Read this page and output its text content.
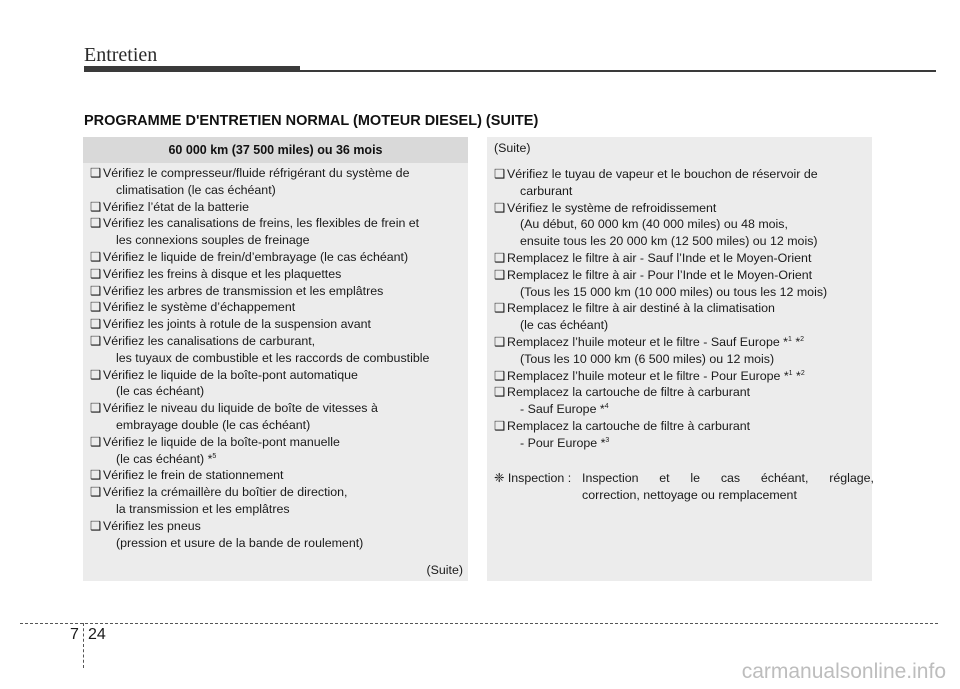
Entretien
PROGRAMME D'ENTRETIEN NORMAL (MOTEUR DIESEL) (SUITE)
60 000 km (37 500 miles) ou 36 mois
❑ Vérifiez le compresseur/fluide réfrigérant du système de
climatisation (le cas échéant)
❑ Vérifiez l’état de la batterie
❑ Vérifiez les canalisations de freins, les flexibles de frein et
les connexions souples de freinage
❑ Vérifiez le liquide de frein/d’embrayage (le cas échéant)
❑ Vérifiez les freins à disque et les plaquettes
❑ Vérifiez les arbres de transmission et les emplâtres
❑ Vérifiez le système d’échappement
❑ Vérifiez les joints à rotule de la suspension avant
❑ Vérifiez les canalisations de carburant,
les tuyaux de combustible et les raccords de combustible
❑ Vérifiez le liquide de la boîte-pont automatique
(le cas échéant)
❑ Vérifiez le niveau du liquide de boîte de vitesses à
embrayage double (le cas échéant)
❑ Vérifiez le liquide de la boîte-pont manuelle
(le cas échéant) *$^5$
❑ Vérifiez le frein de stationnement
❑ Vérifiez la crémaillère du boîtier de direction,
la transmission et les emplâtres
❑ Vérifiez les pneus
(pression et usure de la bande de roulement)
(Suite)
(Suite)
❑ Vérifiez le tuyau de vapeur et le bouchon de réservoir de
carburant
❑ Vérifiez le système de refroidissement
(Au début, 60 000 km (40 000 miles) ou 48 mois,
ensuite tous les 20 000 km (12 500 miles) ou 12 mois)
❑ Remplacez le filtre à air - Sauf l’Inde et le Moyen-Orient
❑ Remplacez le filtre à air - Pour l’Inde et le Moyen-Orient
(Tous les 15 000 km (10 000 miles) ou tous les 12 mois)
❑ Remplacez le filtre à air destiné à la climatisation
(le cas échéant)
❑ Remplacez l’huile moteur et le filtre - Sauf Europe *$^1$ *$^2$
(Tous les 10 000 km (6 500 miles) ou 12 mois)
❑ Remplacez l’huile moteur et le filtre - Pour Europe *$^1$ *$^2$
❑ Remplacez la cartouche de filtre à carburant
- Sauf Europe *$^4$
❑ Remplacez la cartouche de filtre à carburant
- Pour Europe *$^3$
❈ Inspection : Inspection et le cas échéant, réglage,
correction, nettoyage ou remplacement
7 24
carmanualsonline.info
